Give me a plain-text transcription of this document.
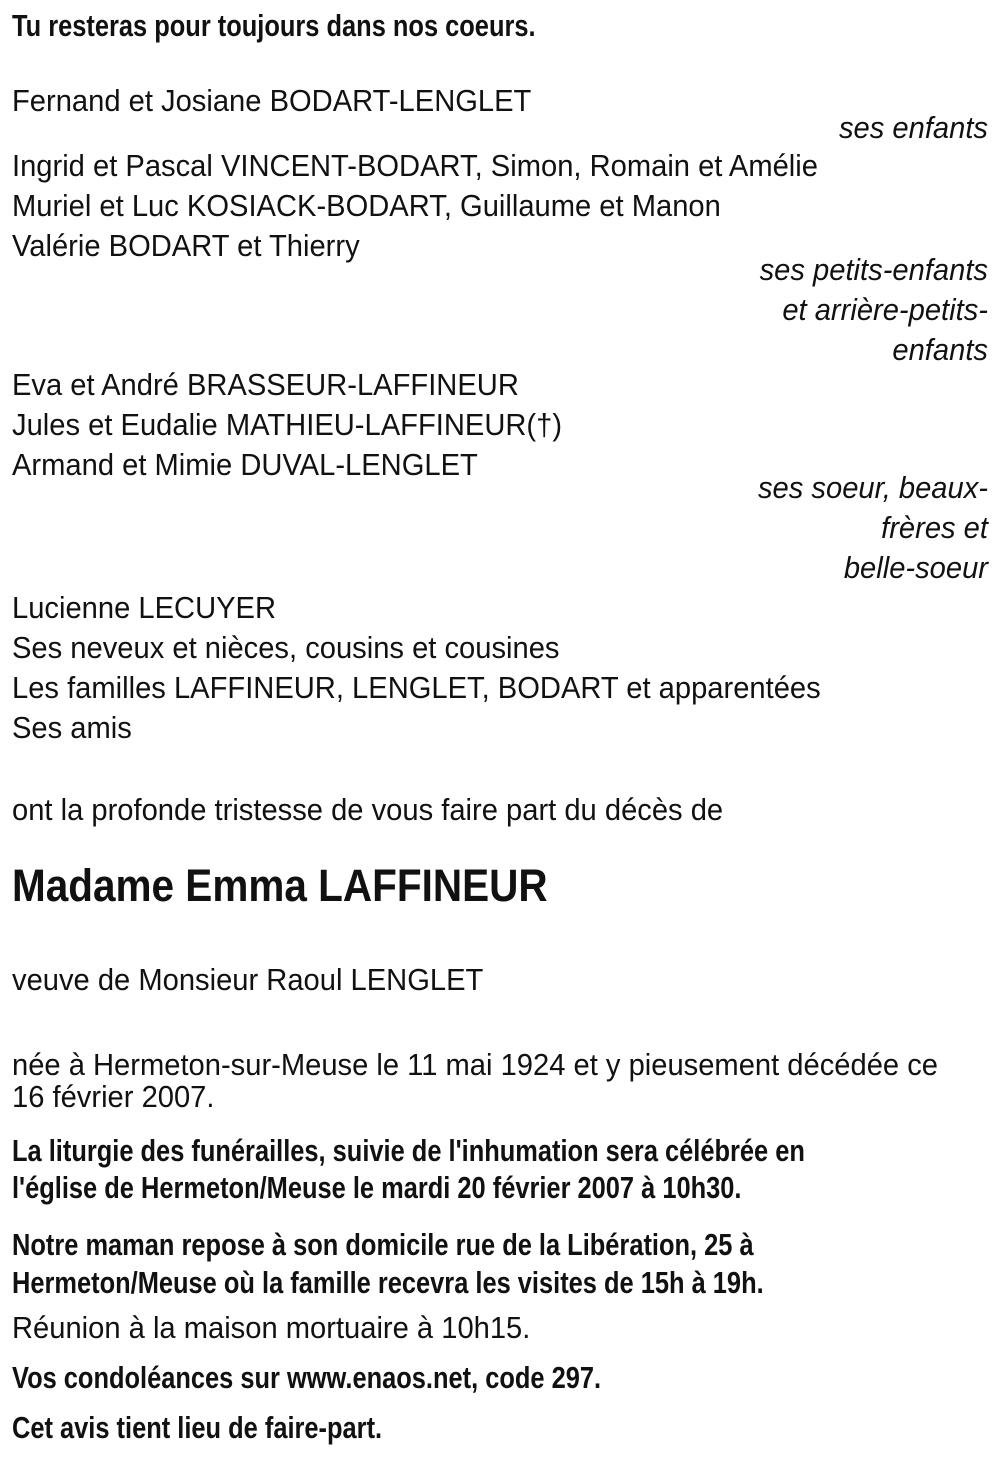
Tu resteras pour toujours dans nos coeurs.
Fernand et Josiane BODART-LENGLET
ses enfants
Ingrid et Pascal VINCENT-BODART, Simon, Romain et Amélie
Muriel et Luc KOSIACK-BODART, Guillaume et Manon
Valérie BODART et Thierry
ses petits-enfants
et arrière-petits-
enfants
Eva et André BRASSEUR-LAFFINEUR
Jules et Eudalie MATHIEU-LAFFINEUR(†)
Armand et Mimie DUVAL-LENGLET
ses soeur, beaux-
frères et
belle-soeur
Lucienne LECUYER
Ses neveux et nièces, cousins et cousines
Les familles LAFFINEUR, LENGLET, BODART et apparentées
Ses amis
ont la profonde tristesse de vous faire part du décès de
Madame Emma LAFFINEUR
veuve de Monsieur Raoul LENGLET
née à Hermeton-sur-Meuse le 11 mai 1924 et y pieusement décédée ce
16 février 2007.
La liturgie des funérailles, suivie de l'inhumation sera célébrée en
l'église de Hermeton/Meuse le mardi 20 février 2007 à 10h30.
Notre maman repose à son domicile rue de la Libération, 25 à
Hermeton/Meuse où la famille recevra les visites de 15h à 19h.
Réunion à la maison mortuaire à 10h15.
Vos condoléances sur www.enaos.net, code 297.
Cet avis tient lieu de faire-part.
